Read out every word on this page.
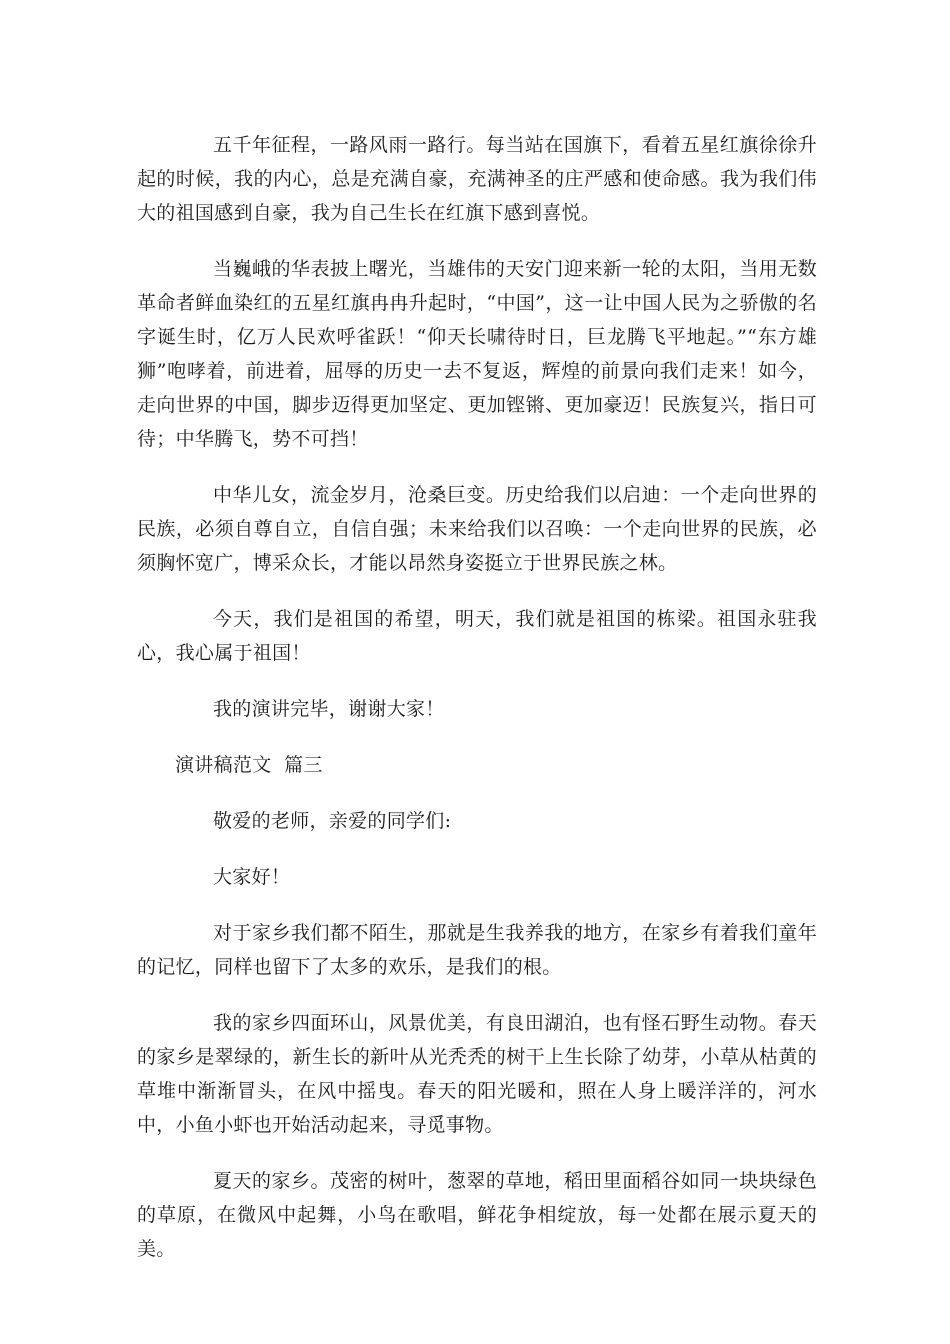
五千年征程，一路风雨一路行。每当站在国旗下，看着五星红旗徐徐升起的时候，我的内心，总是充满自豪，充满神圣的庄严感和使命感。我为我们伟大的祖国感到自豪，我为自己生长在红旗下感到喜悦。

当巍峨的华表披上曙光，当雄伟的天安门迎来新一轮的太阳，当用无数革命者鲜血染红的五星红旗冉冉升起时，“中国”，这一让中国人民为之骄傲的名字诞生时，亿万人民欢呼雀跃！“仰天长啸待时日，巨龙腾飞平地起。”“东方雄狮”咆哮着，前进着，屈辱的历史一去不复返，辉煌的前景向我们走来！如今，走向世界的中国，脚步迈得更加坚定、更加铿锵、更加豪迈！民族复兴，指日可待；中华腾飞，势不可挡！

中华儿女，流金岁月，沧桑巨变。历史给我们以启迪：一个走向世界的民族，必须自尊自立，自信自强；未来给我们以召唤：一个走向世界的民族，必须胸怀宽广，博采众长，才能以昂然身姿挺立于世界民族之林。

今天，我们是祖国的希望，明天，我们就是祖国的栋梁。祖国永驻我心，我心属于祖国！

我的演讲完毕，谢谢大家！

演讲稿范文  篇三

敬爱的老师，亲爱的同学们:

大家好！

对于家乡我们都不陌生，那就是生我养我的地方，在家乡有着我们童年的记忆，同样也留下了太多的欢乐，是我们的根。

我的家乡四面环山，风景优美，有良田湖泊，也有怪石野生动物。春天的家乡是翠绿的，新生长的新叶从光秃秃的树干上生长除了幼芽，小草从枯黄的草堆中渐渐冒头，在风中摇曳。春天的阳光暖和，照在人身上暖洋洋的，河水中，小鱼小虾也开始活动起来，寻觅事物。

夏天的家乡。茂密的树叶，葱翠的草地，稻田里面稻谷如同一块块绿色的草原，在微风中起舞，小鸟在歌唱，鲜花争相绽放，每一处都在展示夏天的美。
